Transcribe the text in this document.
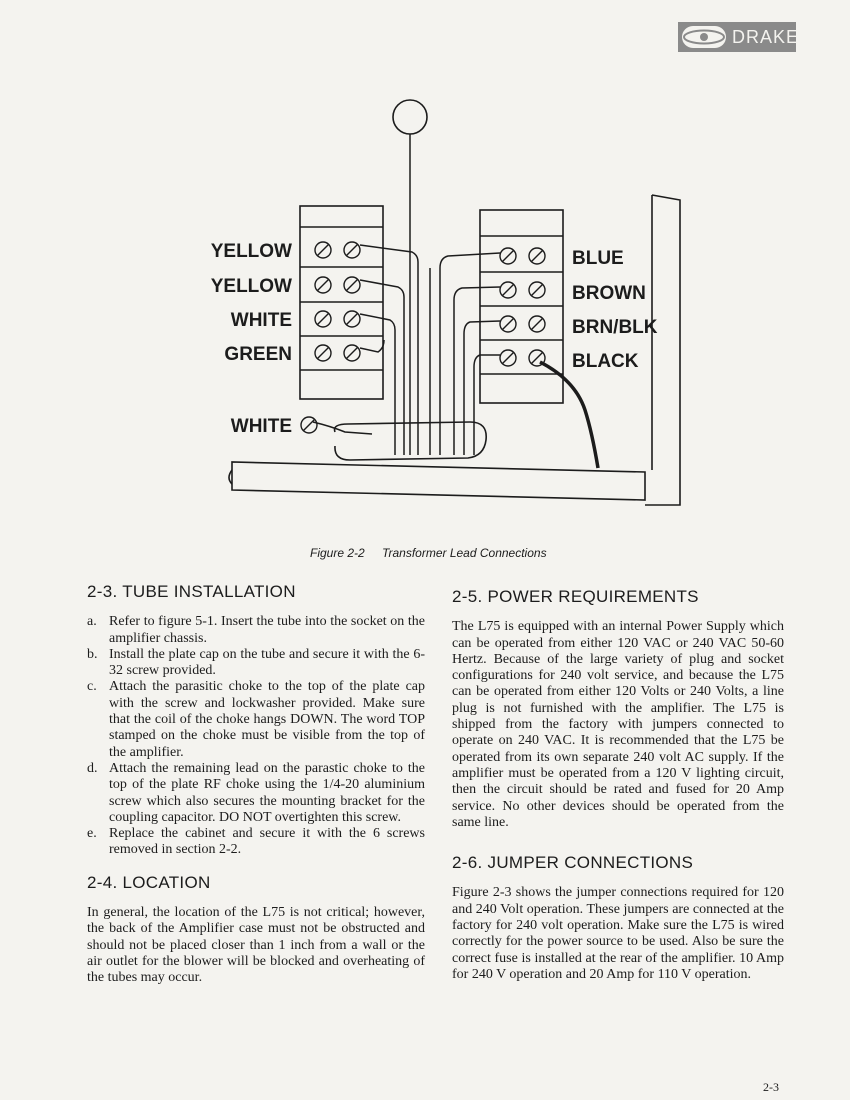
DRAKE
YELLOW
YELLOW
WHITE
GREEN
BLUE
BROWN
BRN/BLK
BLACK
WHITE
Figure 2-2 Transformer Lead Connections
2-3. TUBE INSTALLATION
a. Refer to figure 5-1. Insert the tube into the socket on the amplifier chassis.
b. Install the plate cap on the tube and secure it with the 6-32 screw provided.
c. Attach the parasitic choke to the top of the plate cap with the screw and lockwasher provided. Make sure that the coil of the choke hangs DOWN. The word TOP stamped on the choke must be visible from the top of the amplifier.
d. Attach the remaining lead on the parastic choke to the top of the plate RF choke using the 1/4-20 aluminium screw which also secures the mounting bracket for the coupling capacitor. DO NOT overtighten this screw.
e. Replace the cabinet and secure it with the 6 screws removed in section 2-2.
2-4. LOCATION

In general, the location of the L75 is not critical; however, the back of the Amplifier case must not be obstructed and should not be placed closer than 1 inch from a wall or the air outlet for the blower will be blocked and overheating of the tubes may occur.

2-5. POWER REQUIREMENTS

The L75 is equipped with an internal Power Supply which can be operated from either 120 VAC or 240 VAC 50-60 Hertz. Because of the large variety of plug and socket configurations for 240 volt service, and because the L75 can be operated from either 120 Volts or 240 Volts, a line plug is not furnished with the amplifier. The L75 is shipped from the factory with jumpers connected to operate on 240 VAC. It is recommended that the L75 be operated from its own separate 240 volt AC supply. If the amplifier must be operated from a 120 V lighting circuit, then the circuit should be rated and fused for 20 Amp service. No other devices should be operated from the same line.

2-6. JUMPER CONNECTIONS

Figure 2-3 shows the jumper connections required for 120 and 240 Volt operation. These jumpers are connected at the factory for 240 volt operation. Make sure the L75 is wired correctly for the power source to be used. Also be sure the correct fuse is installed at the rear of the amplifier. 10 Amp for 240 V operation and 20 Amp for 110 V operation.

2-3
